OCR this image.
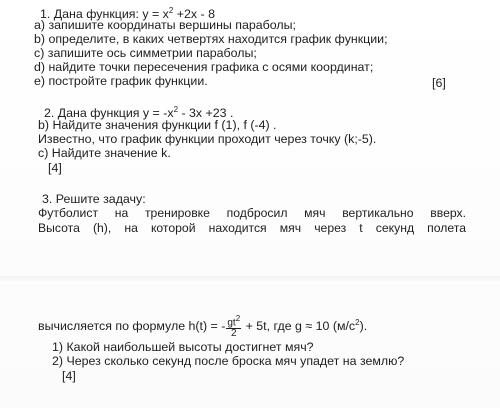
1. Дана функция: $у = х^2 +2х - 8$
а) запишите координаты вершины параболы;
b) определите, в каких четвертях находится график функции;
с) запишите ось симметрии параболы;
d) найдите точки пересечения графика с осями координат;
е) постройте график функции.	[6]
2. Дана функция $у = -х^2 - 3х +23$ .
b) Найдите значения функции f (1), f (-4) .
Известно, что график функции проходит через точку (k;-5).
c) Найдите значение k.
[4]
3. Решите задачу:
Футболист на тренировке подбросил мяч вертикально вверх.
Высота (h), на которой находится мяч через t секунд полета
вычисляется по формуле h(t) = - $\frac{gt^2}{2} + 5t$, где g ≈ 10 $(м/с^2)$.
1) Какой наибольшей высоты достигнет мяч?
2) Через сколько секунд после броска мяч упадет на землю?
[4]
